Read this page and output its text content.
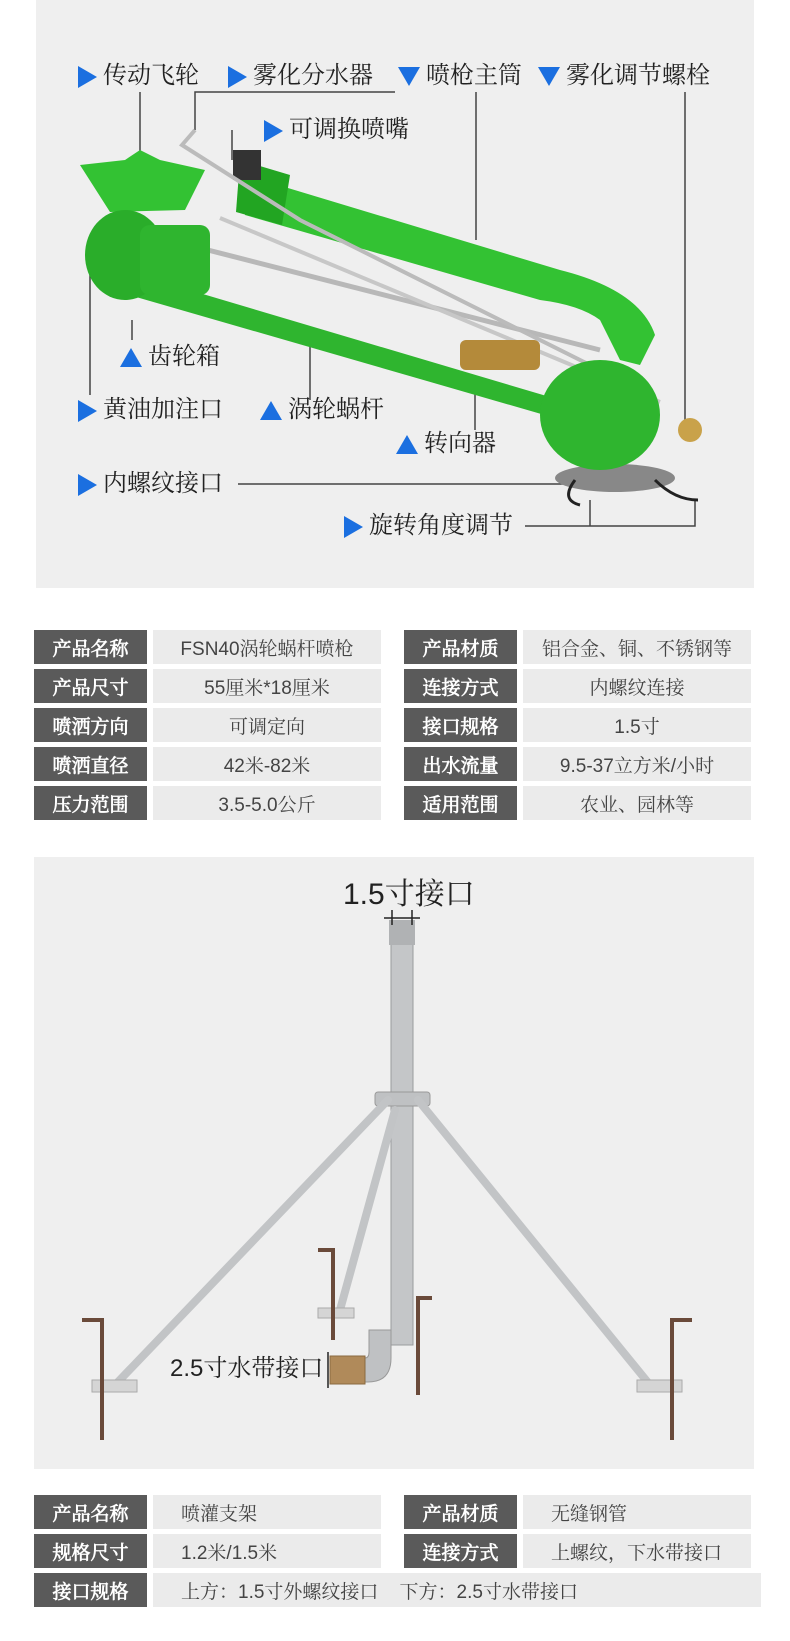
传动飞轮	雾化分水器	喷枪主筒	雾化调节螺栓
可调换喷嘴
齿轮箱
黄油加注口	涡轮蜗杆
转向器
内螺纹接口
旋转角度调节
产品名称		FSN40涡轮蜗杆喷枪
产品尺寸		55厘米*18厘米
喷洒方向		可调定向
喷洒直径		42米-82米
压力范围		3.5-5.0公斤
产品材质		铝合金、铜、不锈钢等
连接方式		内螺纹连接
接口规格		1.5寸
出水流量		9.5-37立方米/小时
适用范围		农业、园林等
1.5寸接口
2.5寸水带接口
产品名称		喷灌支架
规格尺寸		1.2米/1.5米
产品材质		无缝钢管
连接方式		上螺纹，下水带接口
接口规格		上方：1.5寸外螺纹接口    下方：2.5寸水带接口
